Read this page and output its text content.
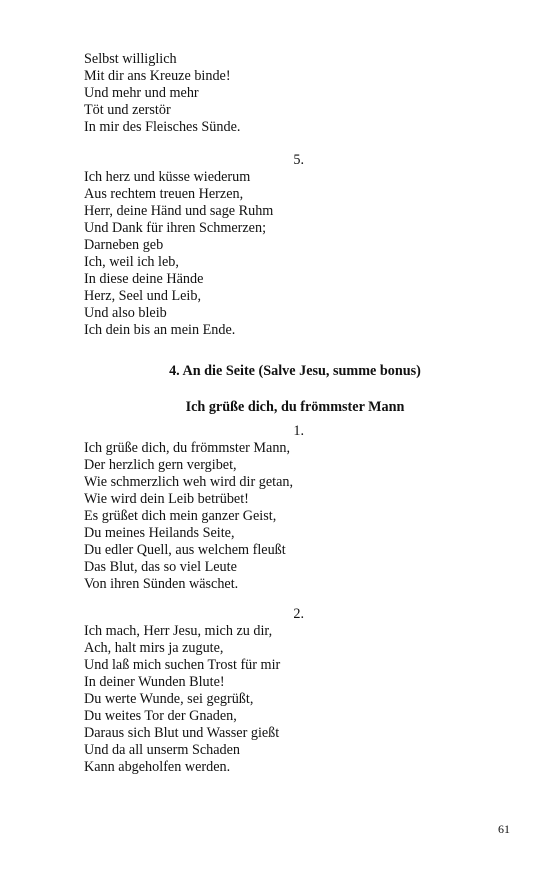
Selbst williglich
Mit dir ans Kreuze binde!
Und mehr und mehr
Töt und zerstör
In mir des Fleisches Sünde.
5.
Ich herz und küsse wiederum
Aus rechtem treuen Herzen,
Herr, deine Händ und sage Ruhm
Und Dank für ihren Schmerzen;
Darneben geb
Ich, weil ich leb,
In diese deine Hände
Herz, Seel und Leib,
Und also bleib
Ich dein bis an mein Ende.
4. An die Seite (Salve Jesu, summe bonus)
Ich grüße dich, du frömmster Mann
1.
Ich grüße dich, du frömmster Mann,
Der herzlich gern vergibet,
Wie schmerzlich weh wird dir getan,
Wie wird dein Leib betrübet!
Es grüßet dich mein ganzer Geist,
Du meines Heilands Seite,
Du edler Quell, aus welchem fleußt
Das Blut, das so viel Leute
Von ihren Sünden wäschet.
2.
Ich mach, Herr Jesu, mich zu dir,
Ach, halt mirs ja zugute,
Und laß mich suchen Trost für mir
In deiner Wunden Blute!
Du werte Wunde, sei gegrüßt,
Du weites Tor der Gnaden,
Daraus sich Blut und Wasser gießt
Und da all unserm Schaden
Kann abgeholfen werden.
61
